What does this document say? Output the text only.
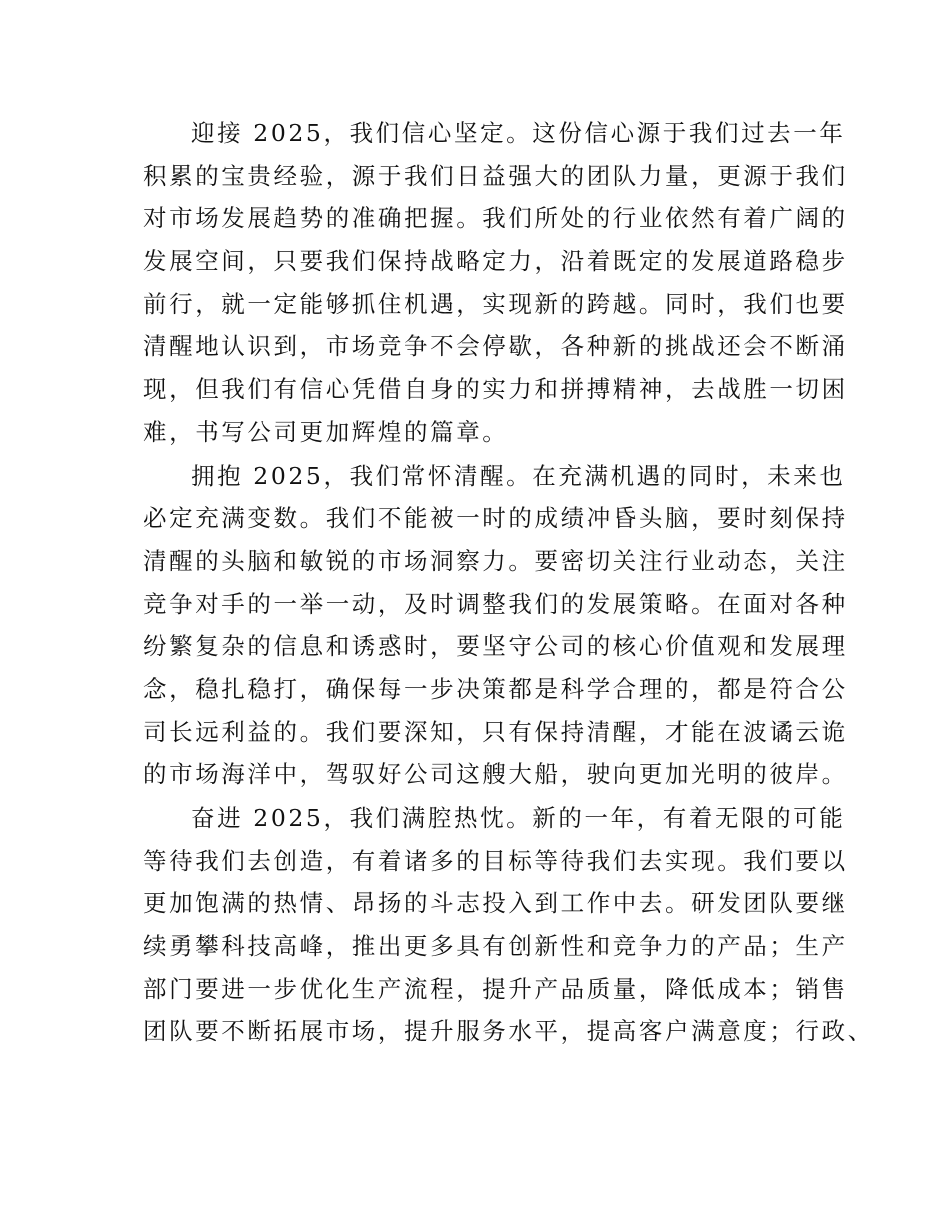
迎接 2025，我们信心坚定。这份信心源于我们过去一年
积累的宝贵经验，源于我们日益强大的团队力量，更源于我们
对市场发展趋势的准确把握。我们所处的行业依然有着广阔的
发展空间，只要我们保持战略定力，沿着既定的发展道路稳步
前行，就一定能够抓住机遇，实现新的跨越。同时，我们也要
清醒地认识到，市场竞争不会停歇，各种新的挑战还会不断涌
现，但我们有信心凭借自身的实力和拼搏精神，去战胜一切困
难，书写公司更加辉煌的篇章。
拥抱 2025，我们常怀清醒。在充满机遇的同时，未来也
必定充满变数。我们不能被一时的成绩冲昏头脑，要时刻保持
清醒的头脑和敏锐的市场洞察力。要密切关注行业动态，关注
竞争对手的一举一动，及时调整我们的发展策略。在面对各种
纷繁复杂的信息和诱惑时，要坚守公司的核心价值观和发展理
念，稳扎稳打，确保每一步决策都是科学合理的，都是符合公
司长远利益的。我们要深知，只有保持清醒，才能在波谲云诡
的市场海洋中，驾驭好公司这艘大船，驶向更加光明的彼岸。
奋进 2025，我们满腔热忱。新的一年，有着无限的可能
等待我们去创造，有着诸多的目标等待我们去实现。我们要以
更加饱满的热情、昂扬的斗志投入到工作中去。研发团队要继
续勇攀科技高峰，推出更多具有创新性和竞争力的产品；生产
部门要进一步优化生产流程，提升产品质量，降低成本；销售
团队要不断拓展市场，提升服务水平，提高客户满意度；行政、
